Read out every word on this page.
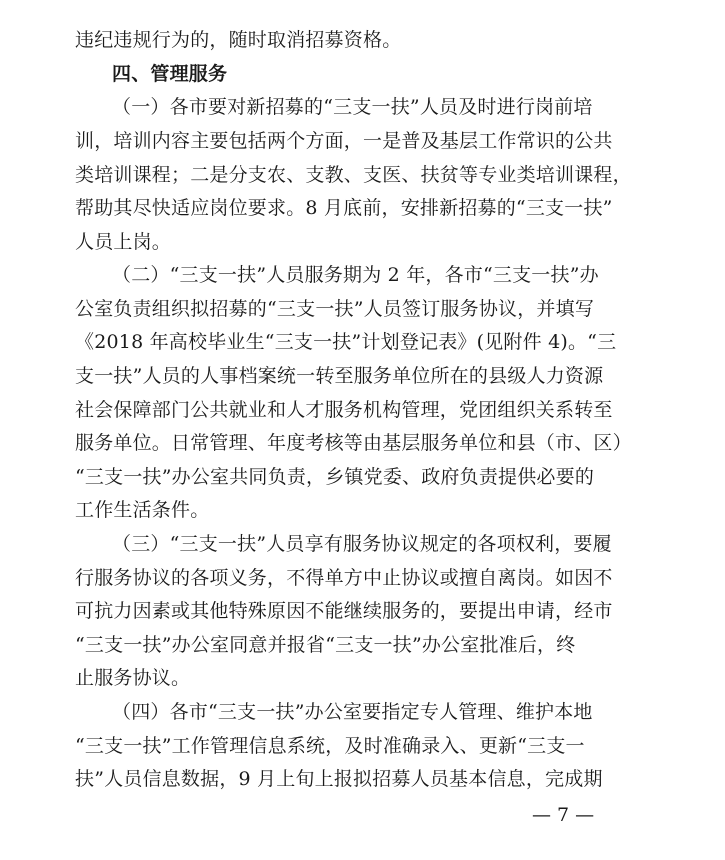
违纪违规行为的，随时取消招募资格。
四、管理服务
（一）各市要对新招募的“三支一扶”人员及时进行岗前培
训，培训内容主要包括两个方面，一是普及基层工作常识的公共
类培训课程；二是分支农、支教、支医、扶贫等专业类培训课程，
帮助其尽快适应岗位要求。8 月底前，安排新招募的“三支一扶”
人员上岗。
（二）“三支一扶”人员服务期为 2 年，各市“三支一扶”办
公室负责组织拟招募的“三支一扶”人员签订服务协议，并填写
《2018 年高校毕业生“三支一扶”计划登记表》(见附件 4)。“三
支一扶”人员的人事档案统一转至服务单位所在的县级人力资源
社会保障部门公共就业和人才服务机构管理，党团组织关系转至
服务单位。日常管理、年度考核等由基层服务单位和县（市、区）
“三支一扶”办公室共同负责，乡镇党委、政府负责提供必要的
工作生活条件。
（三）“三支一扶”人员享有服务协议规定的各项权利，要履
行服务协议的各项义务，不得单方中止协议或擅自离岗。如因不
可抗力因素或其他特殊原因不能继续服务的，要提出申请，经市
“三支一扶”办公室同意并报省“三支一扶”办公室批准后，终
止服务协议。
（四）各市“三支一扶”办公室要指定专人管理、维护本地
“三支一扶”工作管理信息系统，及时准确录入、更新“三支一
扶”人员信息数据，9 月上旬上报拟招募人员基本信息，完成期
— 7 —
